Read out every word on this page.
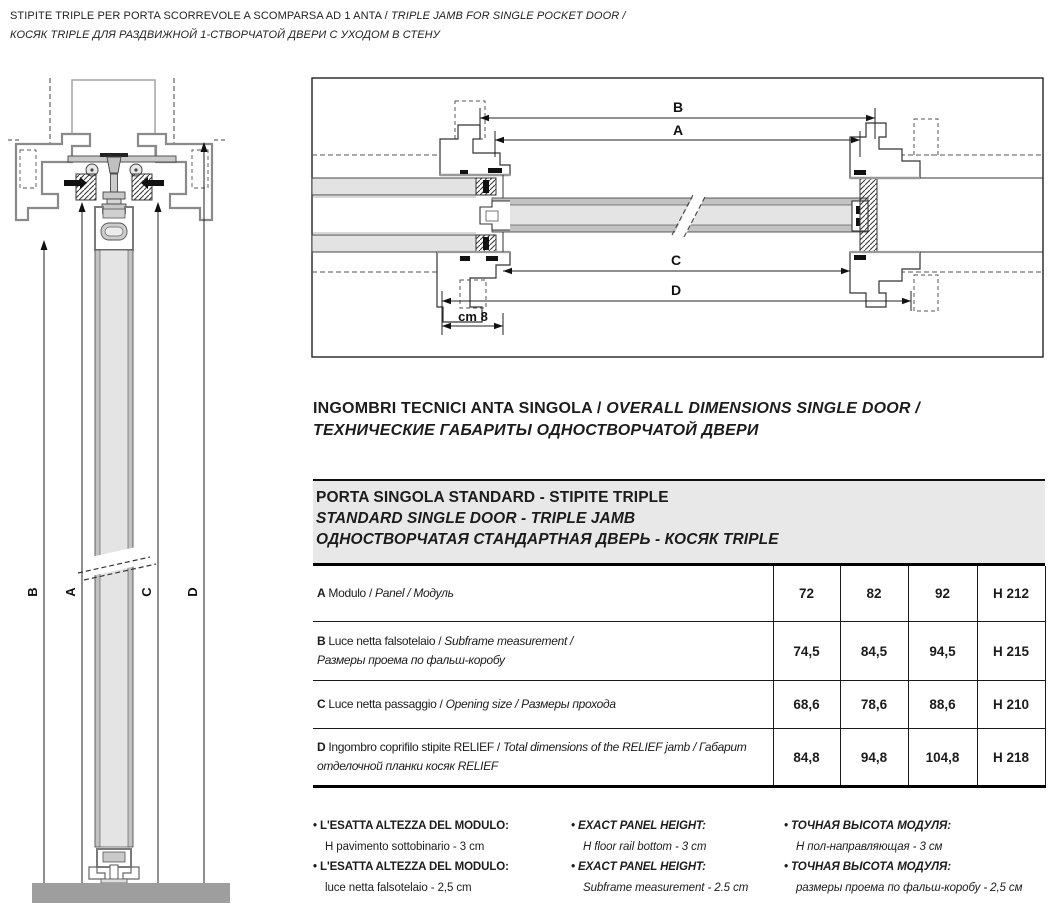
STIPITE TRIPLE PER PORTA SCORREVOLE A SCOMPARSA AD 1 ANTA / TRIPLE JAMB FOR SINGLE POCKET DOOR /
КОСЯК TRIPLE ДЛЯ РАЗДВИЖНОЙ 1-СТВОРЧАТОЙ ДВЕРИ С УХОДОМ В СТЕНУ
B A	C D
B
A
C
D
cm 8
INGOMBRI TECNICI ANTA SINGOLA / OVERALL DIMENSIONS SINGLE DOOR /
ТЕХНИЧЕСКИЕ ГАБАРИТЫ ОДНОСТВОРЧАТОЙ ДВЕРИ
PORTA SINGOLA STANDARD - STIPITE TRIPLE
STANDARD SINGLE DOOR - TRIPLE JAMB
ОДНОСТВОРЧАТАЯ СТАНДАРТНАЯ ДВЕРЬ - КОСЯК TRIPLE
A Modulo / Panel / Модуль	72	82	92	H 212

B Luce netta falsotelaio / Subframe measurement /
Размеры проема по фальш-коробу	74,5	84,5	94,5	H 215

C Luce netta passaggio / Opening size / Размеры прохода	68,6	78,6	88,6	H 210

D Ingombro coprifilo stipite RELIEF / Total dimensions of the RELIEF jamb / Габарит
отделочной планки косяк RELIEF	84,8	94,8	104,8	H 218
• L'ESATTA ALTEZZA DEL MODULO:
H pavimento sottobinario - 3 cm
• L'ESATTA ALTEZZA DEL MODULO:
luce netta falsotelaio - 2,5 cm
• EXACT PANEL HEIGHT:
H floor rail bottom - 3 cm
• EXACT PANEL HEIGHT:
Subframe measurement - 2.5 cm
• ТОЧНАЯ ВЫСОТА МОДУЛЯ:
Н пол-направляющая - 3 см
• ТОЧНАЯ ВЫСОТА МОДУЛЯ:
размеры проема по фальш-коробу - 2,5 см
